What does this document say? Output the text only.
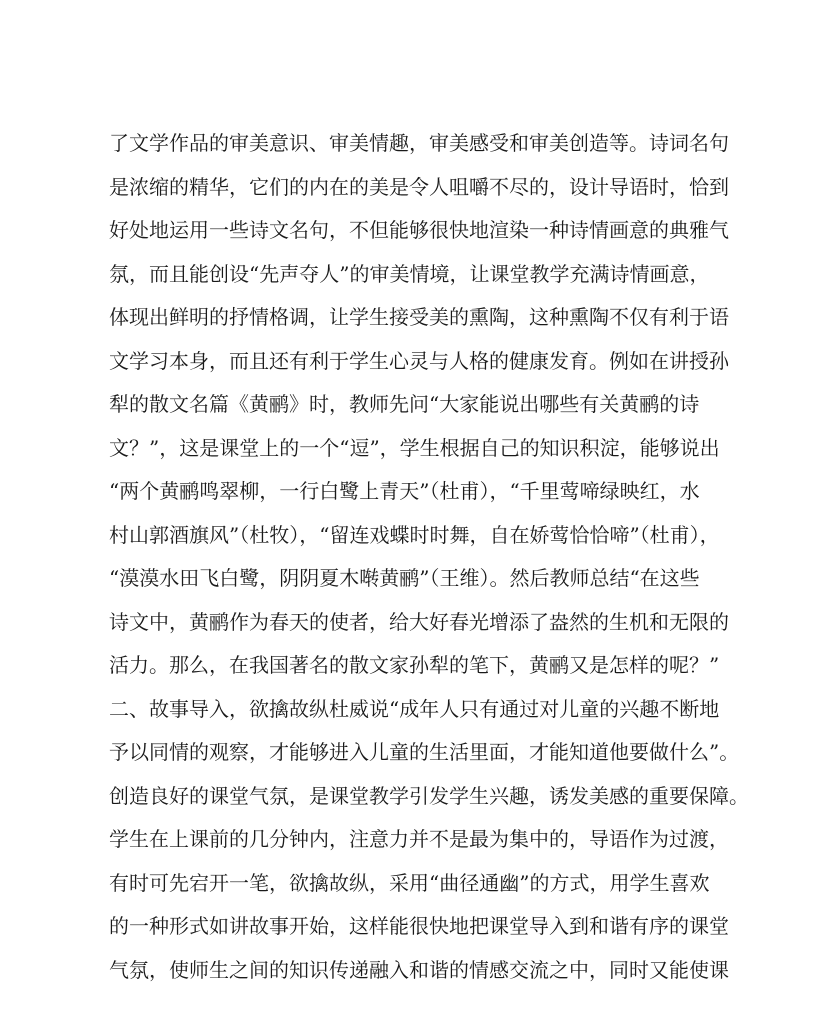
了文学作品的审美意识、审美情趣，审美感受和审美创造等。诗词名句
是浓缩的精华，它们的内在的美是令人咀嚼不尽的，设计导语时，恰到
好处地运用一些诗文名句，不但能够很快地渲染一种诗情画意的典雅气
氛，而且能创设“先声夺人”的审美情境，让课堂教学充满诗情画意，
体现出鲜明的抒情格调，让学生接受美的熏陶，这种熏陶不仅有利于语
文学习本身，而且还有利于学生心灵与人格的健康发育。例如在讲授孙
犁的散文名篇《黄鹂》时，教师先问“大家能说出哪些有关黄鹂的诗
文？”，这是课堂上的一个“逗”，学生根据自己的知识积淀，能够说出
“两个黄鹂鸣翠柳，一行白鹭上青天”（杜甫），“千里莺啼绿映红，水
村山郭酒旗风”（杜牧），“留连戏蝶时时舞，自在娇莺恰恰啼”（杜甫），
“漠漠水田飞白鹭，阴阴夏木啭黄鹂”（王维）。然后教师总结“在这些
诗文中，黄鹂作为春天的使者，给大好春光增添了盎然的生机和无限的
活力。那么，在我国著名的散文家孙犁的笔下，黄鹂又是怎样的呢？”
二、故事导入，欲擒故纵杜威说“成年人只有通过对儿童的兴趣不断地
予以同情的观察，才能够进入儿童的生活里面，才能知道他要做什么”。
创造良好的课堂气氛，是课堂教学引发学生兴趣，诱发美感的重要保障。
学生在上课前的几分钟内，注意力并不是最为集中的，导语作为过渡，
有时可先宕开一笔，欲擒故纵，采用“曲径通幽”的方式，用学生喜欢
的一种形式如讲故事开始，这样能很快地把课堂导入到和谐有序的课堂
气氛，使师生之间的知识传递融入和谐的情感交流之中，同时又能使课
